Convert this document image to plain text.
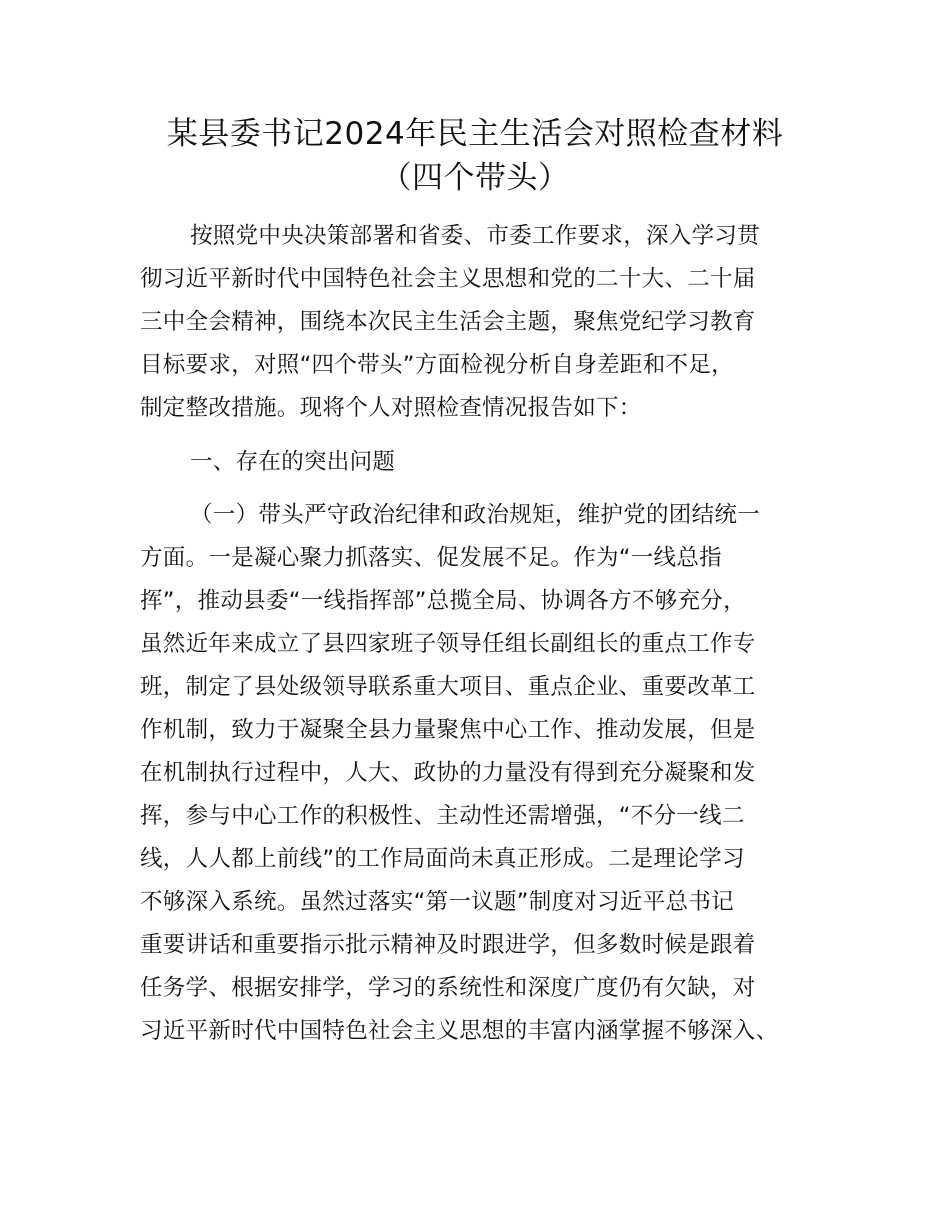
某县委书记2024年民主生活会对照检查材料
（四个带头）

按照党中央决策部署和省委、市委工作要求，深入学习贯

彻习近平新时代中国特色社会主义思想和党的二十大、二十届

三中全会精神，围绕本次民主生活会主题，聚焦党纪学习教育

目标要求，对照“四个带头”方面检视分析自身差距和不足，

制定整改措施。现将个人对照检查情况报告如下：

一、存在的突出问题

（一）带头严守政治纪律和政治规矩，维护党的团结统一

方面。一是凝心聚力抓落实、促发展不足。作为“一线总指

挥”，推动县委“一线指挥部”总揽全局、协调各方不够充分，

虽然近年来成立了县四家班子领导任组长副组长的重点工作专

班，制定了县处级领导联系重大项目、重点企业、重要改革工

作机制，致力于凝聚全县力量聚焦中心工作、推动发展，但是

在机制执行过程中，人大、政协的力量没有得到充分凝聚和发

挥，参与中心工作的积极性、主动性还需增强，“不分一线二

线，人人都上前线”的工作局面尚未真正形成。二是理论学习

不够深入系统。虽然过落实“第一议题”制度对习近平总书记

重要讲话和重要指示批示精神及时跟进学，但多数时候是跟着

任务学、根据安排学，学习的系统性和深度广度仍有欠缺，对

习近平新时代中国特色社会主义思想的丰富内涵掌握不够深入、
